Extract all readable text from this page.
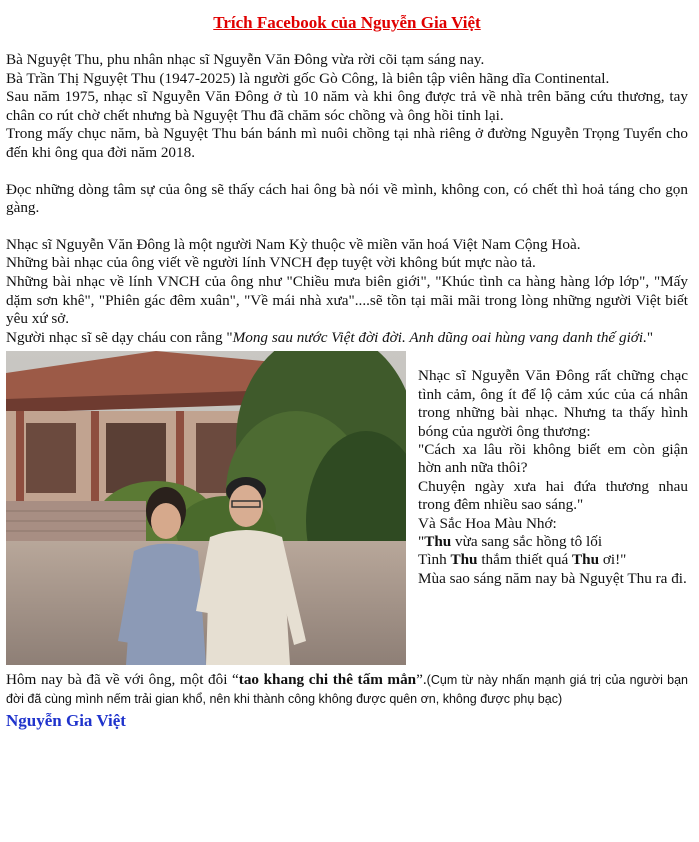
Trích Facebook của Nguyễn Gia Việt

Bà Nguyệt Thu, phu nhân nhạc sĩ Nguyễn Văn Đông vừa rời cõi tạm sáng nay.

Bà Trần Thị Nguyệt Thu (1947-2025) là người gốc Gò Công, là biên tập viên hãng dĩa Continental.

Sau năm 1975, nhạc sĩ Nguyễn Văn Đông ở tù 10 năm và khi ông được trả về nhà trên băng cứu thương, tay chân co rút chờ chết nhưng bà Nguyệt Thu đã chăm sóc chồng và ông hồi tỉnh lại.

Trong mấy chục năm, bà Nguyệt Thu bán bánh mì nuôi chồng tại nhà riêng ở đường Nguyễn Trọng Tuyển cho đến khi ông qua đời năm 2018.

Đọc những dòng tâm sự của ông sẽ thấy cách hai ông bà nói về mình, không con, có chết thì hoả táng cho gọn gàng.

Nhạc sĩ Nguyễn Văn Đông là một người Nam Kỳ thuộc về miền văn hoá Việt Nam Cộng Hoà.

Những bài nhạc của ông viết về người lính VNCH đẹp tuyệt vời không bút mực nào tả.

Những bài nhạc về lính VNCH của ông như "Chiều mưa biên giới", "Khúc tình ca hàng hàng lớp lớp", "Mấy dặm sơn khê", "Phiên gác đêm xuân", "Về mái nhà xưa"....sẽ tồn tại mãi mãi trong lòng những người Việt biết yêu xứ sở.

Người nhạc sĩ sẽ dạy cháu con rằng "Mong sau nước Việt đời đời. Anh dũng oai hùng vang danh thế giới."

Nhạc sĩ Nguyễn Văn Đông rất chững chạc tình cảm, ông ít để lộ cảm xúc của cá nhân trong những bài nhạc. Nhưng ta thấy hình bóng của người ông thương:

"Cách xa lâu rồi không biết em còn giận hờn anh nữa thôi?

Chuyện ngày xưa hai đứa thương nhau trong đêm nhiều sao sáng."

Và Sắc Hoa Màu Nhớ:

"Thu vừa sang sắc hồng tô lối

Tình Thu thắm thiết quá Thu ơi!"

Mùa sao sáng năm nay bà Nguyệt Thu ra đi.

Hôm nay bà đã về với ông, một đôi “tao khang chi thê tấm mẳn”.(Cụm từ này nhấn mạnh giá trị của người bạn đời đã cùng mình nếm trải gian khổ, nên khi thành công không được quên ơn, không được phụ bạc)

Nguyễn Gia Việt
